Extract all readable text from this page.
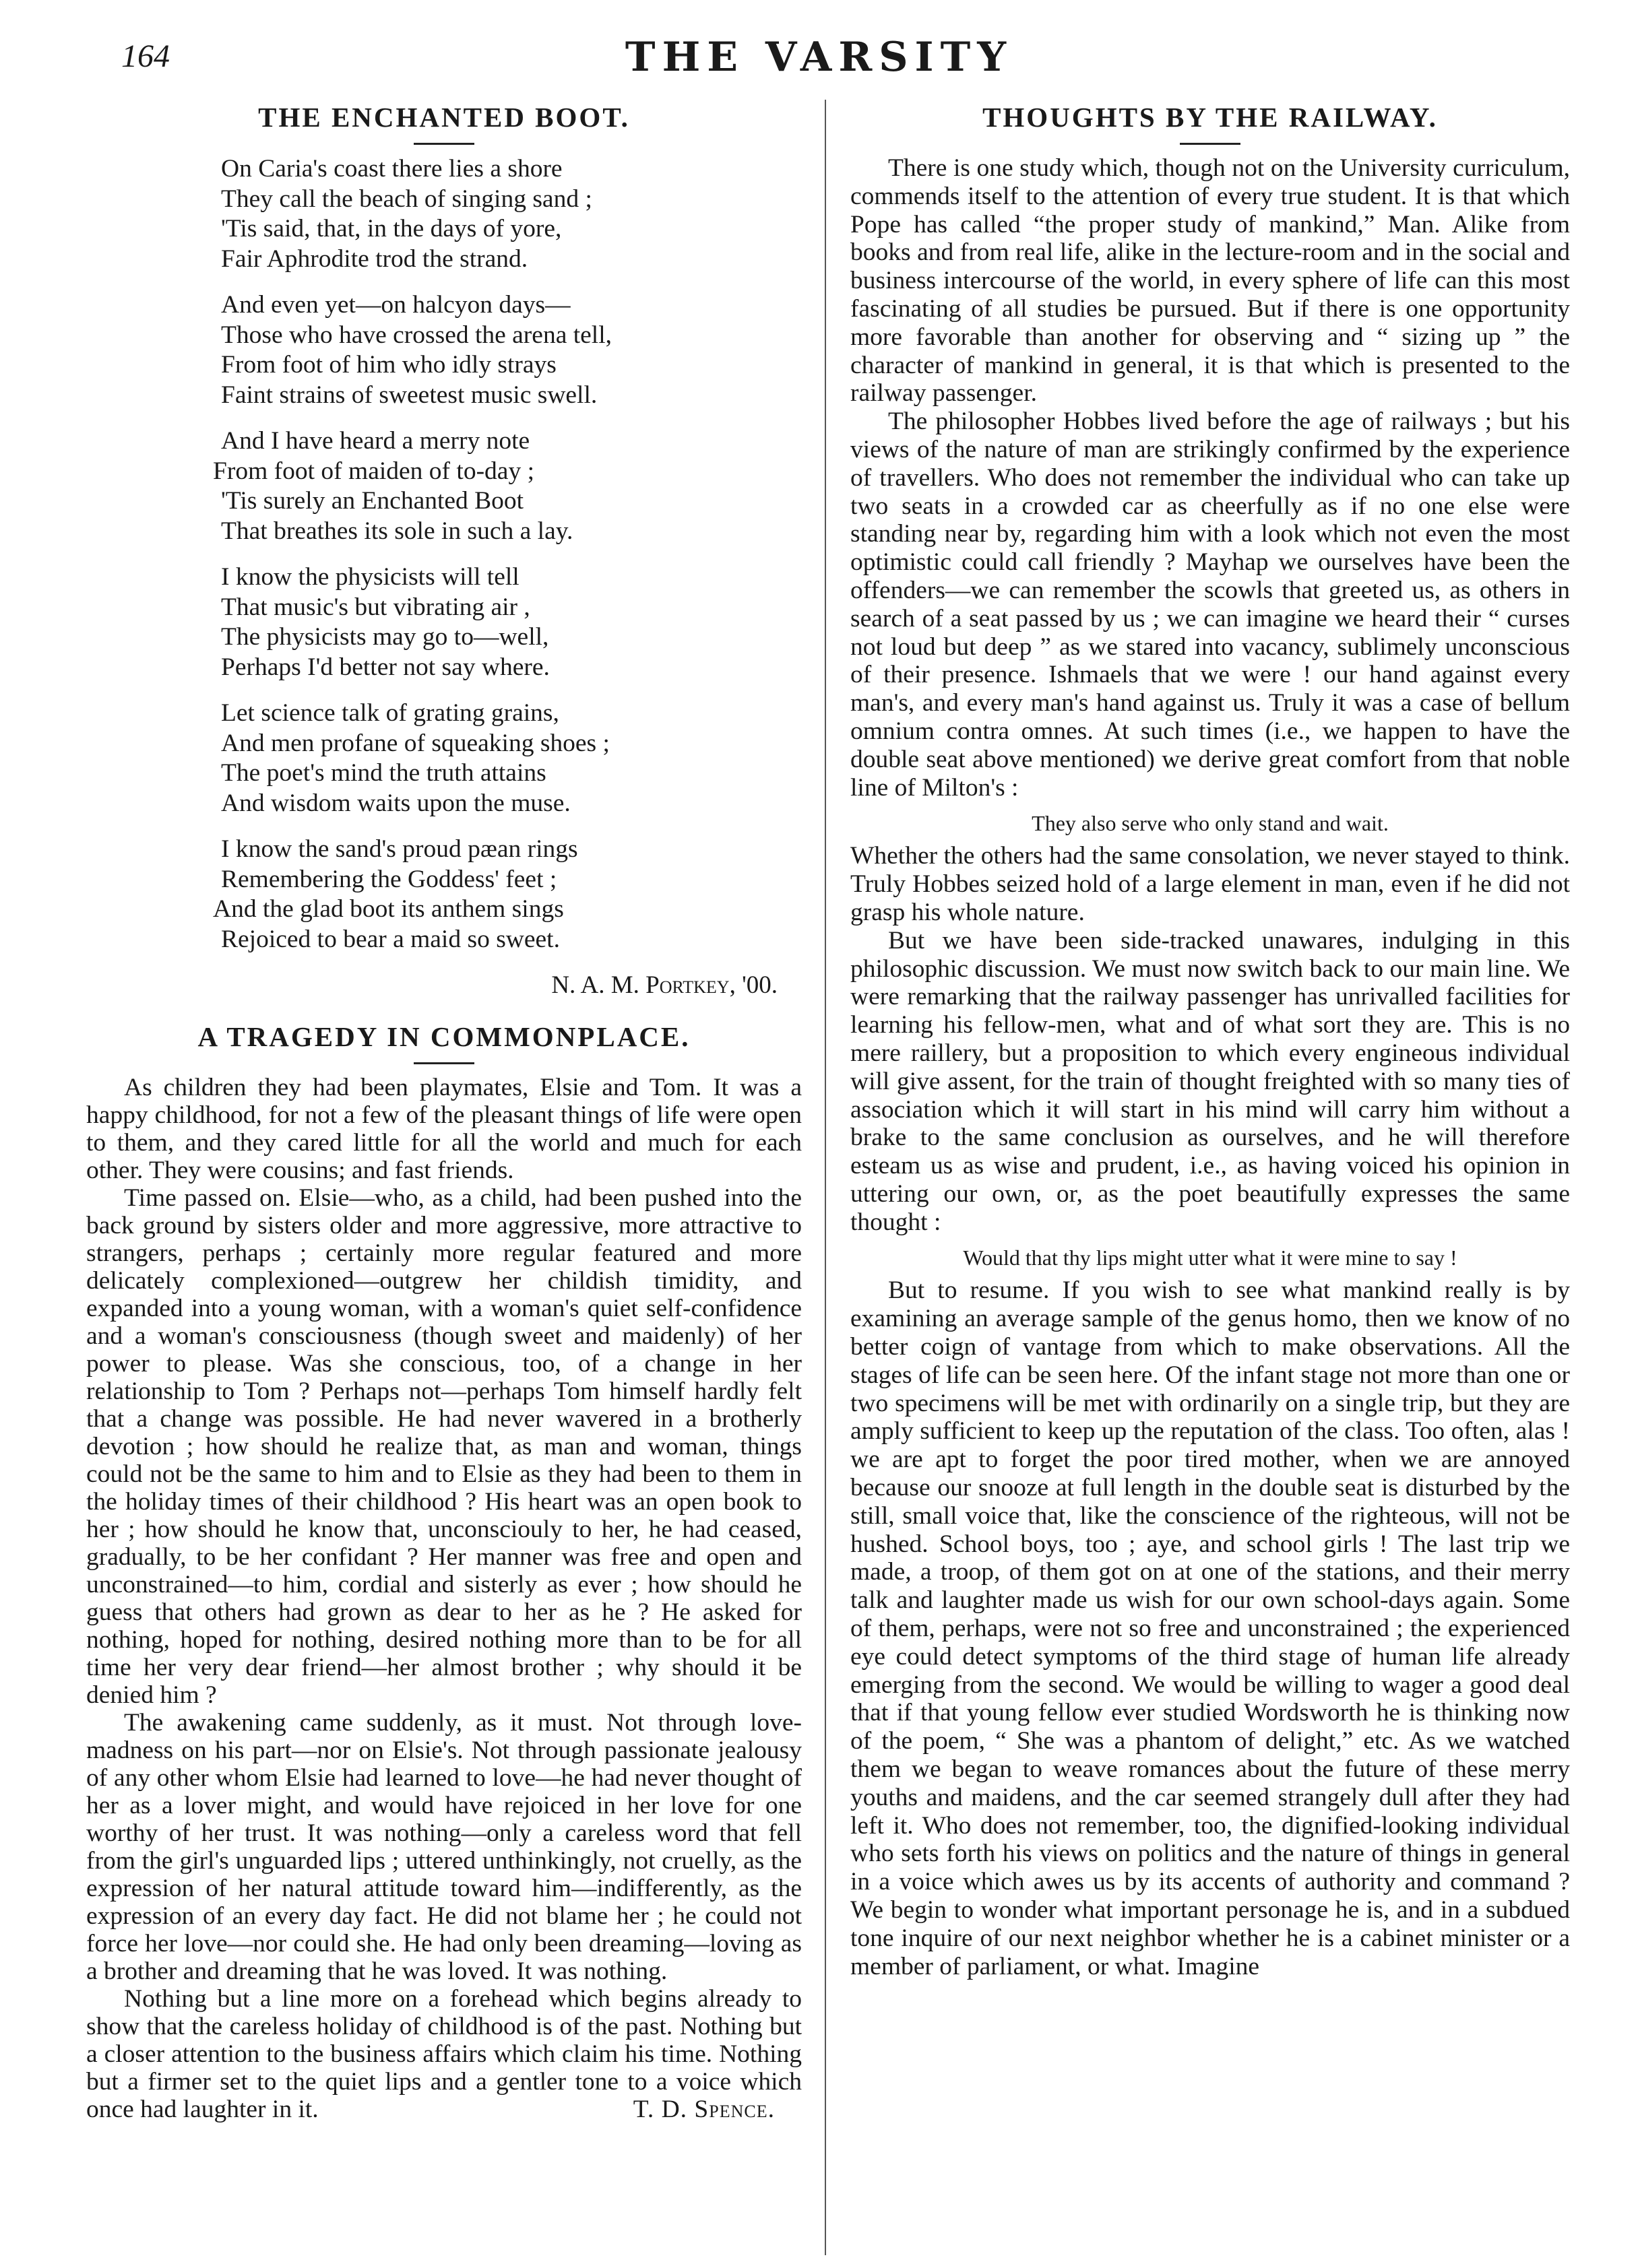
164	THE VARSITY
THE ENCHANTED BOOT.
On Caria's coast there lies a shore
They call the beach of singing sand ;
'Tis said, that, in the days of yore,
Fair Aphrodite trod the strand.
And even yet—on halcyon days—
Those who have crossed the arena tell,
From foot of him who idly strays
Faint strains of sweetest music swell.
And I have heard a merry note
From foot of maiden of to-day ;
'Tis surely an Enchanted Boot
That breathes its sole in such a lay.
I know the physicists will tell
That music's but vibrating air ,
The physicists may go to—well,
Perhaps I'd better not say where.
Let science talk of grating grains,
And men profane of squeaking shoes ;
The poet's mind the truth attains
And wisdom waits upon the muse.
I know the sand's proud pæan rings
Remembering the Goddess' feet ;
And the glad boot its anthem sings
Rejoiced to bear a maid so sweet.
N. A. M. Portkey, '00.
A TRAGEDY IN COMMONPLACE.

As children they had been playmates, Elsie and Tom. It was a happy childhood, for not a few of the pleasant things of life were open to them, and they cared little for all the world and much for each other. They were cousins; and fast friends.

Time passed on. Elsie—who, as a child, had been pushed into the back ground by sisters older and more aggressive, more attractive to strangers, perhaps ; certainly more regular featured and more delicately complexioned—outgrew her childish timidity, and expanded into a young woman, with a woman's quiet self-confidence and a woman's consciousness (though sweet and maidenly) of her power to please. Was she conscious, too, of a change in her relationship to Tom ? Perhaps not—perhaps Tom himself hardly felt that a change was possible. He had never wavered in a brotherly devotion ; how should he realize that, as man and woman, things could not be the same to him and to Elsie as they had been to them in the holiday times of their childhood ? His heart was an open book to her ; how should he know that, unconsciouly to her, he had ceased, gradually, to be her confidant ? Her manner was free and open and unconstrained—to him, cordial and sisterly as ever ; how should he guess that others had grown as dear to her as he ? He asked for nothing, hoped for nothing, desired nothing more than to be for all time her very dear friend—her almost brother ; why should it be denied him ?

The awakening came suddenly, as it must. Not through love-madness on his part—nor on Elsie's. Not through passionate jealousy of any other whom Elsie had learned to love—he had never thought of her as a lover might, and would have rejoiced in her love for one worthy of her trust. It was nothing—only a careless word that fell from the girl's unguarded lips ; uttered unthinkingly, not cruelly, as the expression of her natural attitude toward him—indifferently, as the expression of an every day fact. He did not blame her ; he could not force her love—nor could she. He had only been dreaming—loving as a brother and dreaming that he was loved. It was nothing.

Nothing but a line more on a forehead which begins already to show that the careless holiday of childhood is of the past. Nothing but a closer attention to the business affairs which claim his time. Nothing but a firmer set to the quiet lips and a gentler tone to a voice which once had laughter in it.	T. D. Spence.

THOUGHTS BY THE RAILWAY.

There is one study which, though not on the University curriculum, commends itself to the attention of every true student. It is that which Pope has called “the proper study of mankind,” Man. Alike from books and from real life, alike in the lecture-room and in the social and business intercourse of the world, in every sphere of life can this most fascinating of all studies be pursued. But if there is one opportunity more favorable than another for observing and “ sizing up ” the character of mankind in general, it is that which is presented to the railway passenger.

The philosopher Hobbes lived before the age of railways ; but his views of the nature of man are strikingly confirmed by the experience of travellers. Who does not remember the individual who can take up two seats in a crowded car as cheerfully as if no one else were standing near by, regarding him with a look which not even the most optimistic could call friendly ? Mayhap we ourselves have been the offenders—we can remember the scowls that greeted us, as others in search of a seat passed by us ; we can imagine we heard their “ curses not loud but deep ” as we stared into vacancy, sublimely unconscious of their presence. Ishmaels that we were ! our hand against every man's, and every man's hand against us. Truly it was a case of bellum omnium contra omnes. At such times (i.e., we happen to have the double seat above mentioned) we derive great comfort from that noble line of Milton's :

They also serve who only stand and wait.

Whether the others had the same consolation, we never stayed to think. Truly Hobbes seized hold of a large element in man, even if he did not grasp his whole nature.

But we have been side-tracked unawares, indulging in this philosophic discussion. We must now switch back to our main line. We were remarking that the railway passenger has unrivalled facilities for learning his fellow-men, what and of what sort they are. This is no mere raillery, but a proposition to which every engineous individual will give assent, for the train of thought freighted with so many ties of association which it will start in his mind will carry him without a brake to the same conclusion as ourselves, and he will therefore esteam us as wise and prudent, i.e., as having voiced his opinion in uttering our own, or, as the poet beautifully expresses the same thought :

Would that thy lips might utter what it were mine to say !

But to resume. If you wish to see what mankind really is by examining an average sample of the genus homo, then we know of no better coign of vantage from which to make observations. All the stages of life can be seen here. Of the infant stage not more than one or two specimens will be met with ordinarily on a single trip, but they are amply sufficient to keep up the reputation of the class. Too often, alas ! we are apt to forget the poor tired mother, when we are annoyed because our snooze at full length in the double seat is disturbed by the still, small voice that, like the conscience of the righteous, will not be hushed. School boys, too ; aye, and school girls ! The last trip we made, a troop, of them got on at one of the stations, and their merry talk and laughter made us wish for our own school-days again. Some of them, perhaps, were not so free and unconstrained ; the experienced eye could detect symptoms of the third stage of human life already emerging from the second. We would be willing to wager a good deal that if that young fellow ever studied Wordsworth he is thinking now of the poem, “ She was a phantom of delight,” etc. As we watched them we began to weave romances about the future of these merry youths and maidens, and the car seemed strangely dull after they had left it. Who does not remember, too, the dignified-looking individual who sets forth his views on politics and the nature of things in general in a voice which awes us by its accents of authority and command ? We begin to wonder what important personage he is, and in a subdued tone inquire of our next neighbor whether he is a cabinet minister or a member of parliament, or what. Imagine
